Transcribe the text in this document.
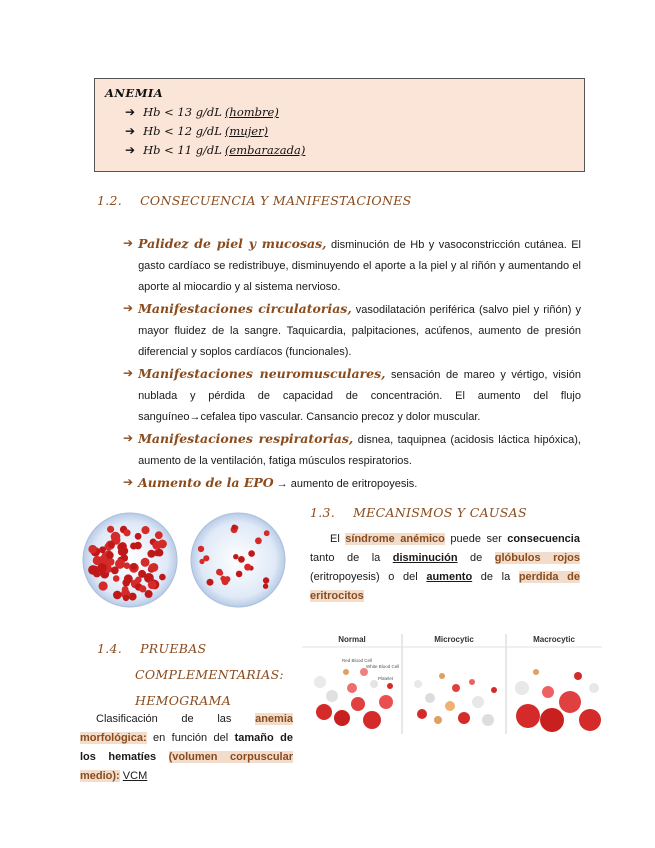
ANEMIA
➔ Hb < 13 g/dL (hombre)
➔ Hb < 12 g/dL (mujer)
➔ Hb < 11 g/dL (embarazada)
1.2. CONSECUENCIA Y MANIFESTACIONES
➔ Palidez de piel y mucosas, disminución de Hb y vasoconstricción cutánea. El gasto cardíaco se redistribuye, disminuyendo el aporte a la piel y al riñón y aumentando el aporte al miocardio y al sistema nervioso.
➔ Manifestaciones circulatorias, vasodilatación periférica (salvo piel y riñón) y mayor fluidez de la sangre. Taquicardia, palpitaciones, acúfenos, aumento de presión diferencial y soplos cardíacos (funcionales).
➔ Manifestaciones neuromusculares, sensación de mareo y vértigo, visión nublada y pérdida de capacidad de concentración. El aumento del flujo sanguíneo→cefalea tipo vascular. Cansancio precoz y dolor muscular.
➔ Manifestaciones respiratorias, disnea, taquipnea (acidosis láctica hipóxica), aumento de la ventilación, fatiga músculos respiratorios.
➔ Aumento de la EPO → aumento de eritropoyesis.
1.3. MECANISMOS Y CAUSAS
El síndrome anémico puede ser consecuencia tanto de la disminución de glóbulos rojos (eritropoyesis) o del aumento de la perdida de eritrocitos
1.4. PRUEBAS
COMPLEMENTARIAS:
HEMOGRAMA
Clasificación de las anemia morfológica: en función del tamaño de los hematíes (volumen corpuscular medio): VCM
Normal	Microcytic	Macrocytic
Red Blood Cell
White Blood Cell
Platelet
